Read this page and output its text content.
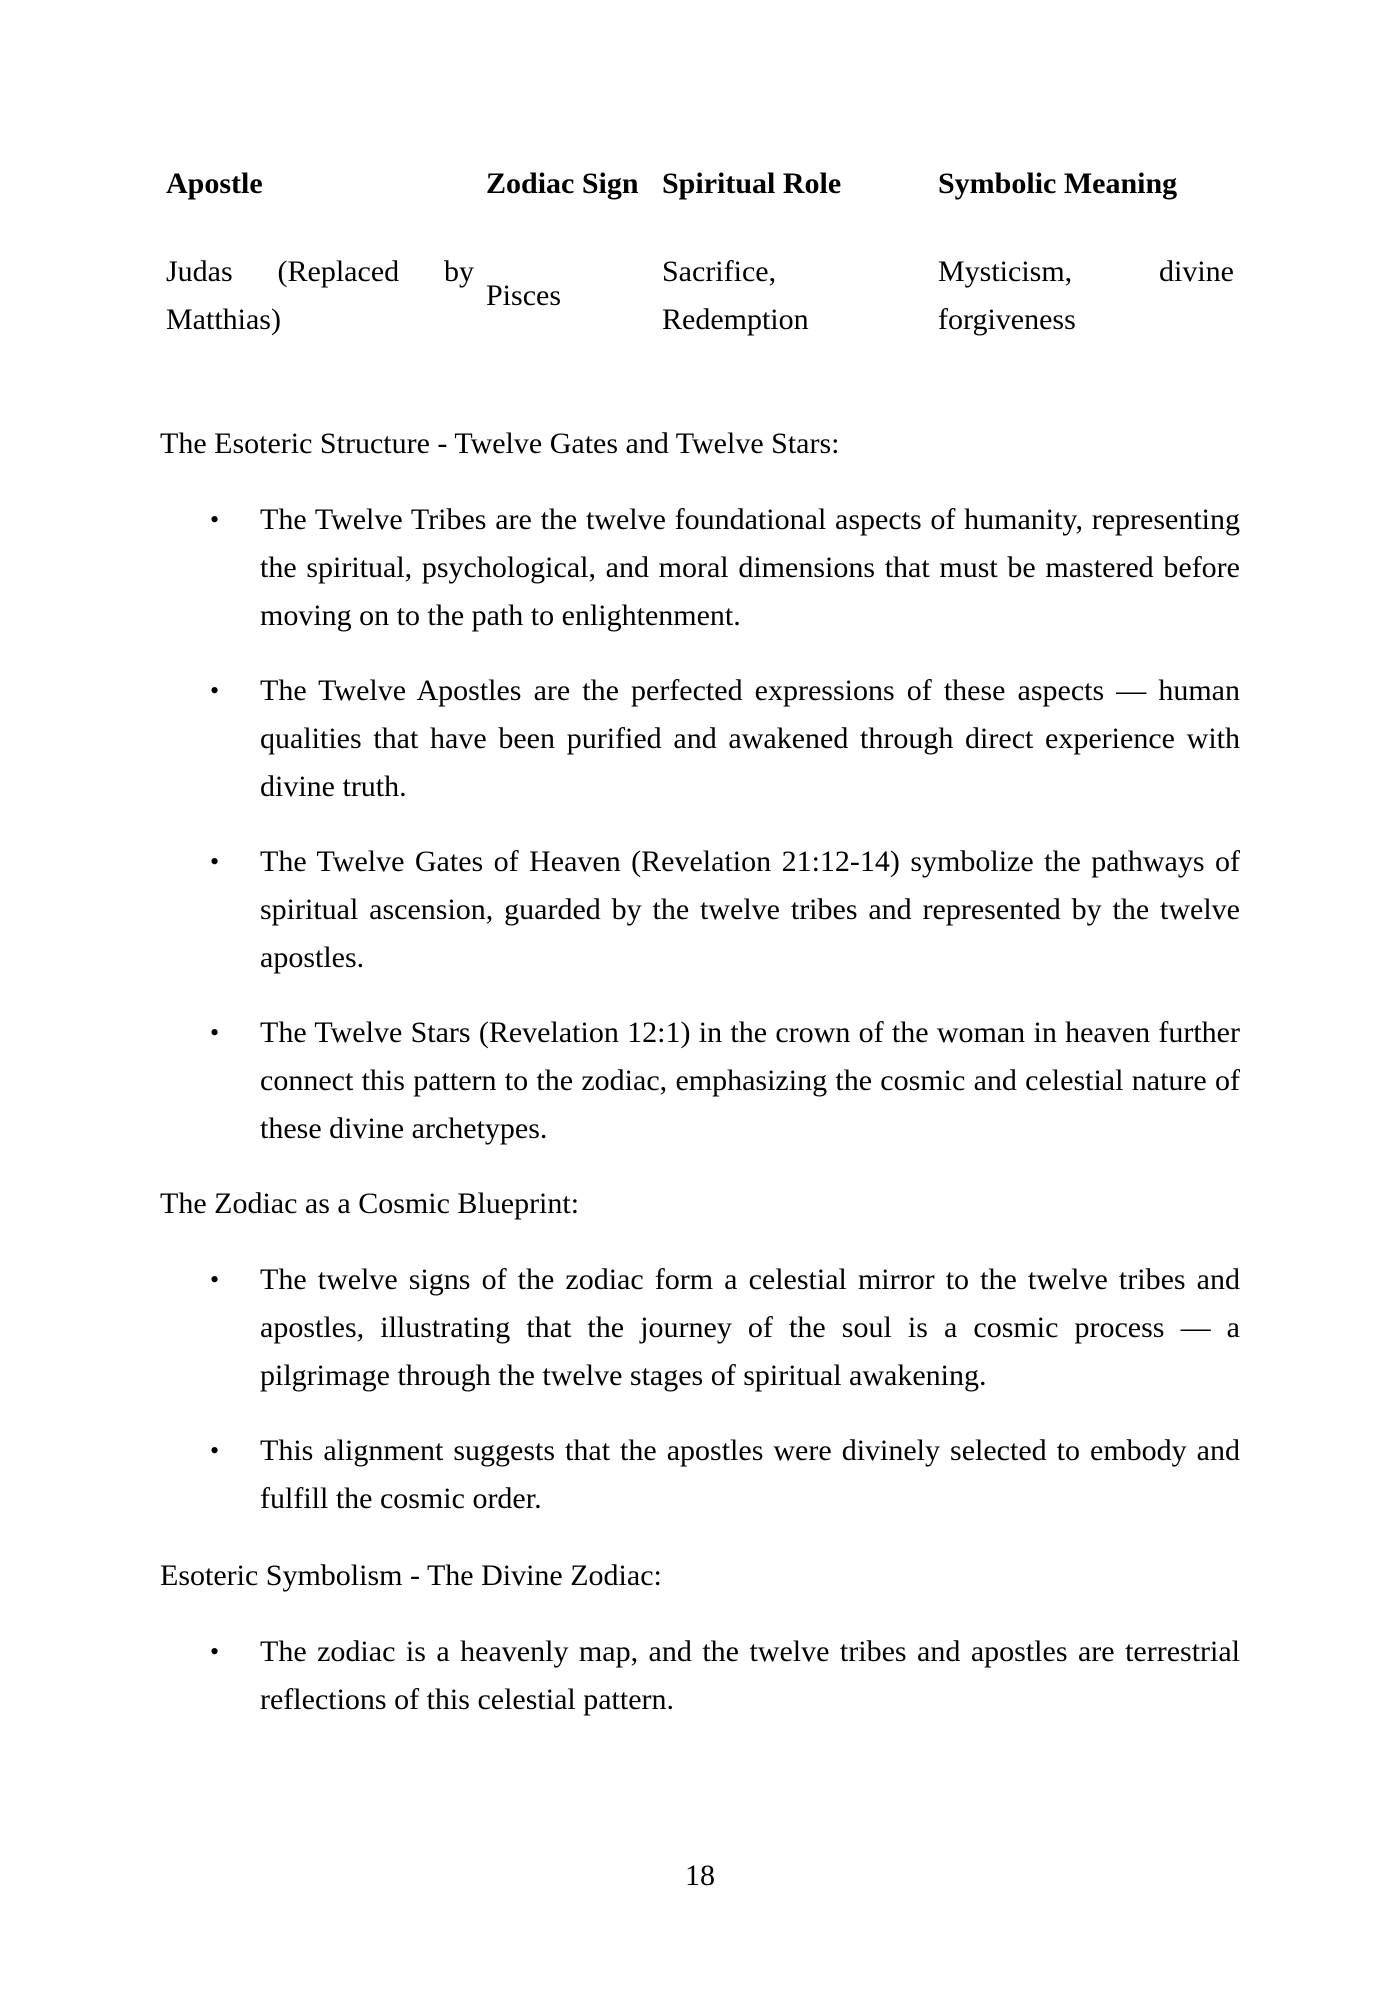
Apostle	Zodiac Sign	Spiritual Role	Symbolic Meaning
Judas (Replaced by Matthias)	Pisces	Sacrifice, Redemption	Mysticism, divine forgiveness

The Esoteric Structure - Twelve Gates and Twelve Stars:

• The Twelve Tribes are the twelve foundational aspects of humanity, representing the spiritual, psychological, and moral dimensions that must be mastered before moving on to the path to enlightenment.
• The Twelve Apostles are the perfected expressions of these aspects — human qualities that have been purified and awakened through direct experience with divine truth.
• The Twelve Gates of Heaven (Revelation 21:12-14) symbolize the pathways of spiritual ascension, guarded by the twelve tribes and represented by the twelve apostles.
• The Twelve Stars (Revelation 12:1) in the crown of the woman in heaven further connect this pattern to the zodiac, emphasizing the cosmic and celestial nature of these divine archetypes.

The Zodiac as a Cosmic Blueprint:

• The twelve signs of the zodiac form a celestial mirror to the twelve tribes and apostles, illustrating that the journey of the soul is a cosmic process — a pilgrimage through the twelve stages of spiritual awakening.
• This alignment suggests that the apostles were divinely selected to embody and fulfill the cosmic order.

Esoteric Symbolism - The Divine Zodiac:

• The zodiac is a heavenly map, and the twelve tribes and apostles are terrestrial reflections of this celestial pattern.
18
